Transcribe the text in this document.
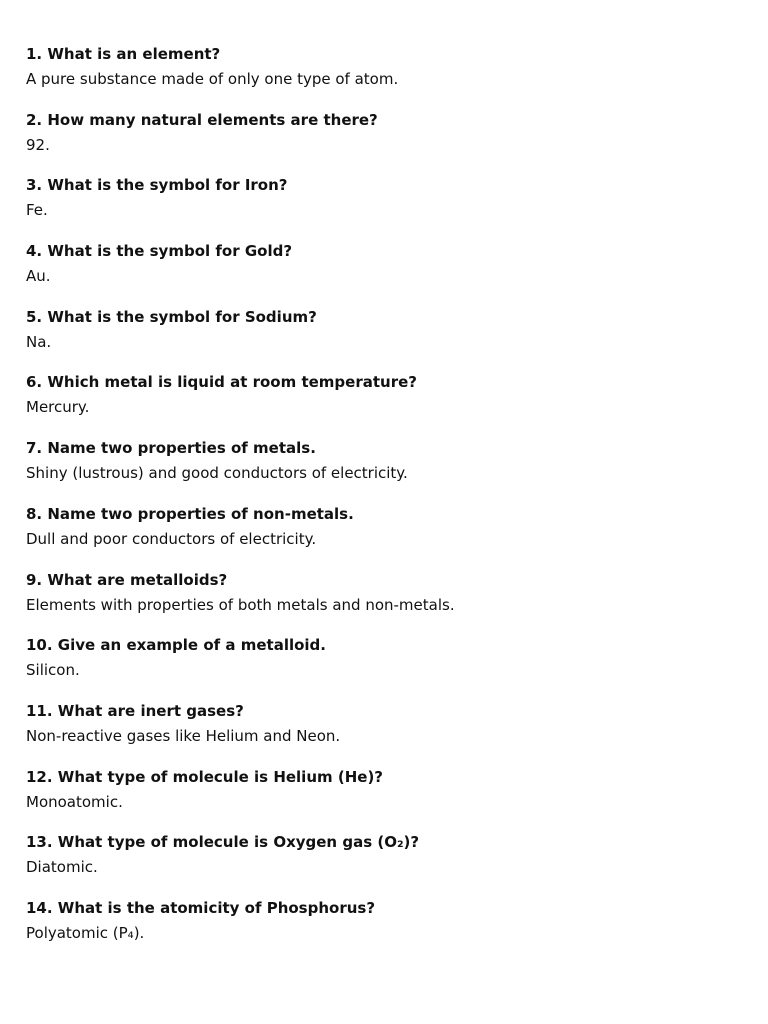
1. What is an element?

A pure substance made of only one type of atom.

2. How many natural elements are there?

92.

3. What is the symbol for Iron?

Fe.

4. What is the symbol for Gold?

Au.

5. What is the symbol for Sodium?

Na.

6. Which metal is liquid at room temperature?

Mercury.

7. Name two properties of metals.

Shiny (lustrous) and good conductors of electricity.

8. Name two properties of non-metals.

Dull and poor conductors of electricity.

9. What are metalloids?

Elements with properties of both metals and non-metals.

10. Give an example of a metalloid.

Silicon.

11. What are inert gases?

Non-reactive gases like Helium and Neon.

12. What type of molecule is Helium (He)?

Monoatomic.

13. What type of molecule is Oxygen gas (O₂)?

Diatomic.

14. What is the atomicity of Phosphorus?

Polyatomic (P₄).
